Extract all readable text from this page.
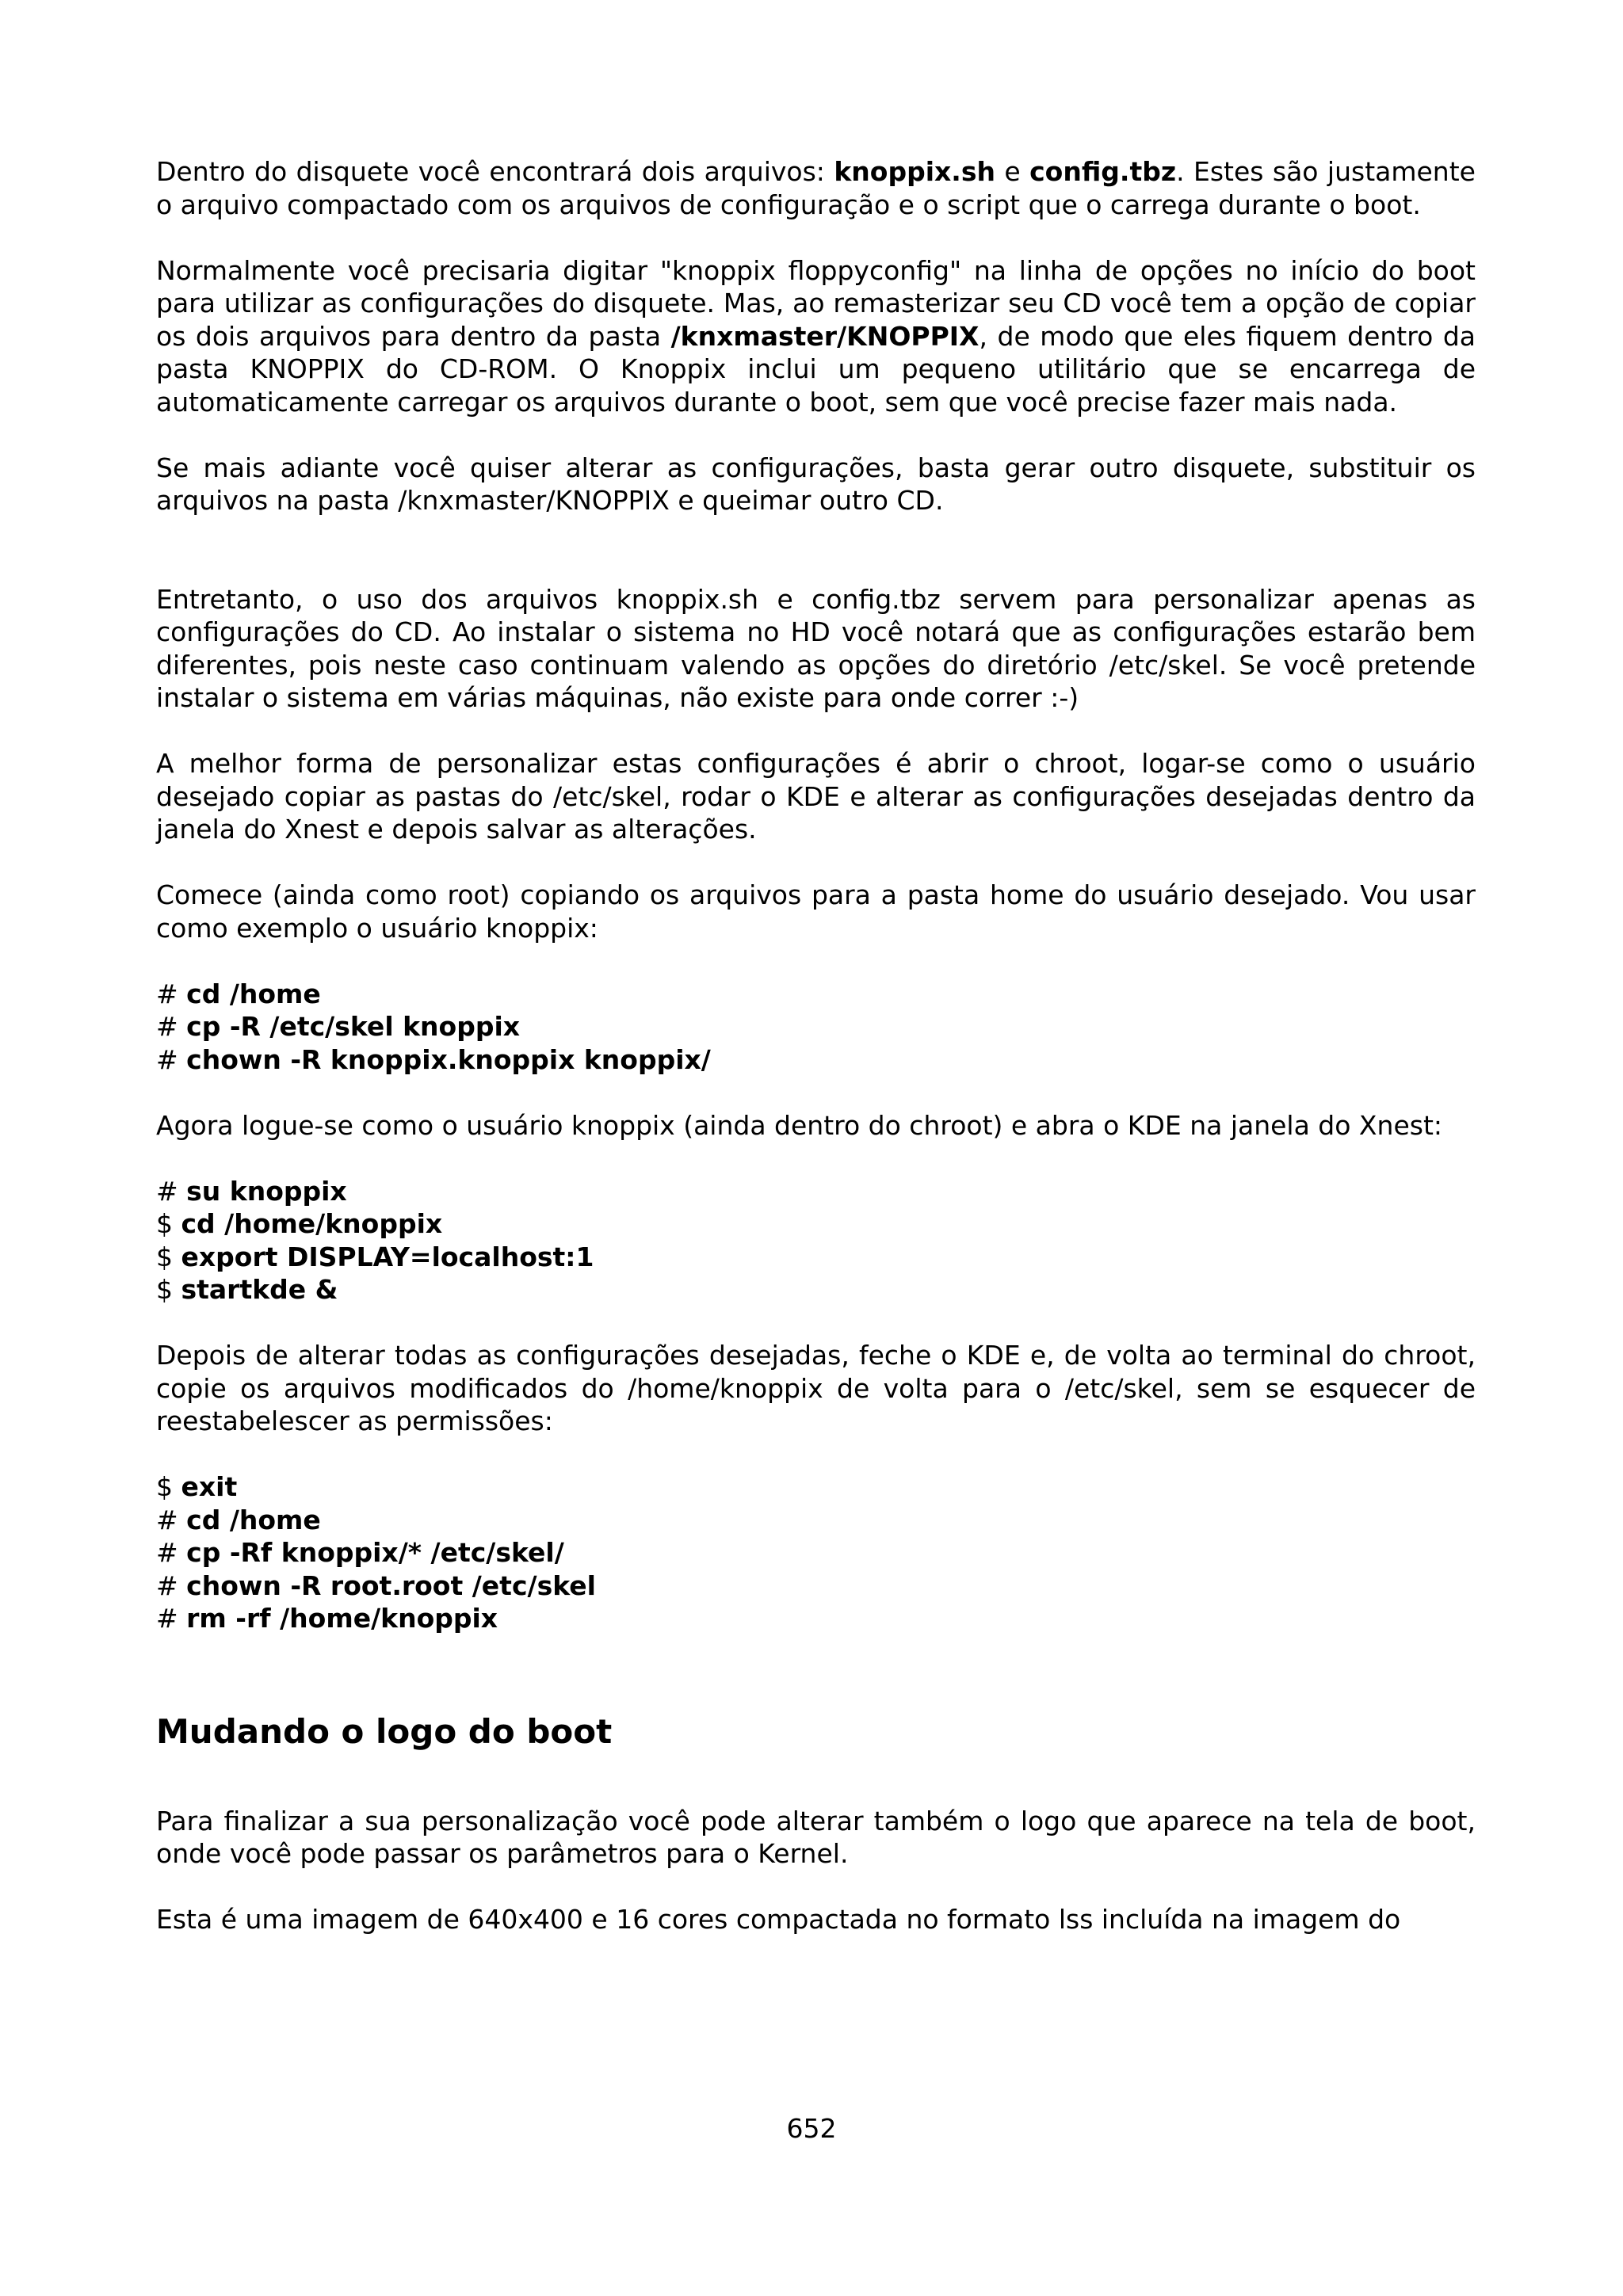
Dentro do disquete você encontrará dois arquivos: knoppix.sh e config.tbz. Estes são justamente o arquivo compactado com os arquivos de configuração e o script que o carrega durante o boot.

Normalmente você precisaria digitar "knoppix floppyconfig" na linha de opções no início do boot para utilizar as configurações do disquete. Mas, ao remasterizar seu CD você tem a opção de copiar os dois arquivos para dentro da pasta /knxmaster/KNOPPIX, de modo que eles fiquem dentro da pasta KNOPPIX do CD-ROM. O Knoppix inclui um pequeno utilitário que se encarrega de automaticamente carregar os arquivos durante o boot, sem que você precise fazer mais nada.

Se mais adiante você quiser alterar as configurações, basta gerar outro disquete, substituir os arquivos na pasta /knxmaster/KNOPPIX e queimar outro CD.

Entretanto, o uso dos arquivos knoppix.sh e config.tbz servem para personalizar apenas as configurações do CD. Ao instalar o sistema no HD você notará que as configurações estarão bem diferentes, pois neste caso continuam valendo as opções do diretório /etc/skel. Se você pretende instalar o sistema em várias máquinas, não existe para onde correr :-)

A melhor forma de personalizar estas configurações é abrir o chroot, logar-se como o usuário desejado copiar as pastas do /etc/skel, rodar o KDE e alterar as configurações desejadas dentro da janela do Xnest e depois salvar as alterações.

Comece (ainda como root) copiando os arquivos para a pasta home do usuário desejado. Vou usar como exemplo o usuário knoppix:

# cd /home
# cp -R /etc/skel knoppix
# chown -R knoppix.knoppix knoppix/

Agora logue-se como o usuário knoppix (ainda dentro do chroot) e abra o KDE na janela do Xnest:

# su knoppix
$ cd /home/knoppix
$ export DISPLAY=localhost:1
$ startkde &

Depois de alterar todas as configurações desejadas, feche o KDE e, de volta ao terminal do chroot, copie os arquivos modificados do /home/knoppix de volta para o /etc/skel, sem se esquecer de reestabelescer as permissões:

$ exit
# cd /home
# cp -Rf knoppix/* /etc/skel/
# chown -R root.root /etc/skel
# rm -rf /home/knoppix
Mudando o logo do boot

Para finalizar a sua personalização você pode alterar também o logo que aparece na tela de boot, onde você pode passar os parâmetros para o Kernel.

Esta é uma imagem de 640x400 e 16 cores compactada no formato lss incluída na imagem do

652
